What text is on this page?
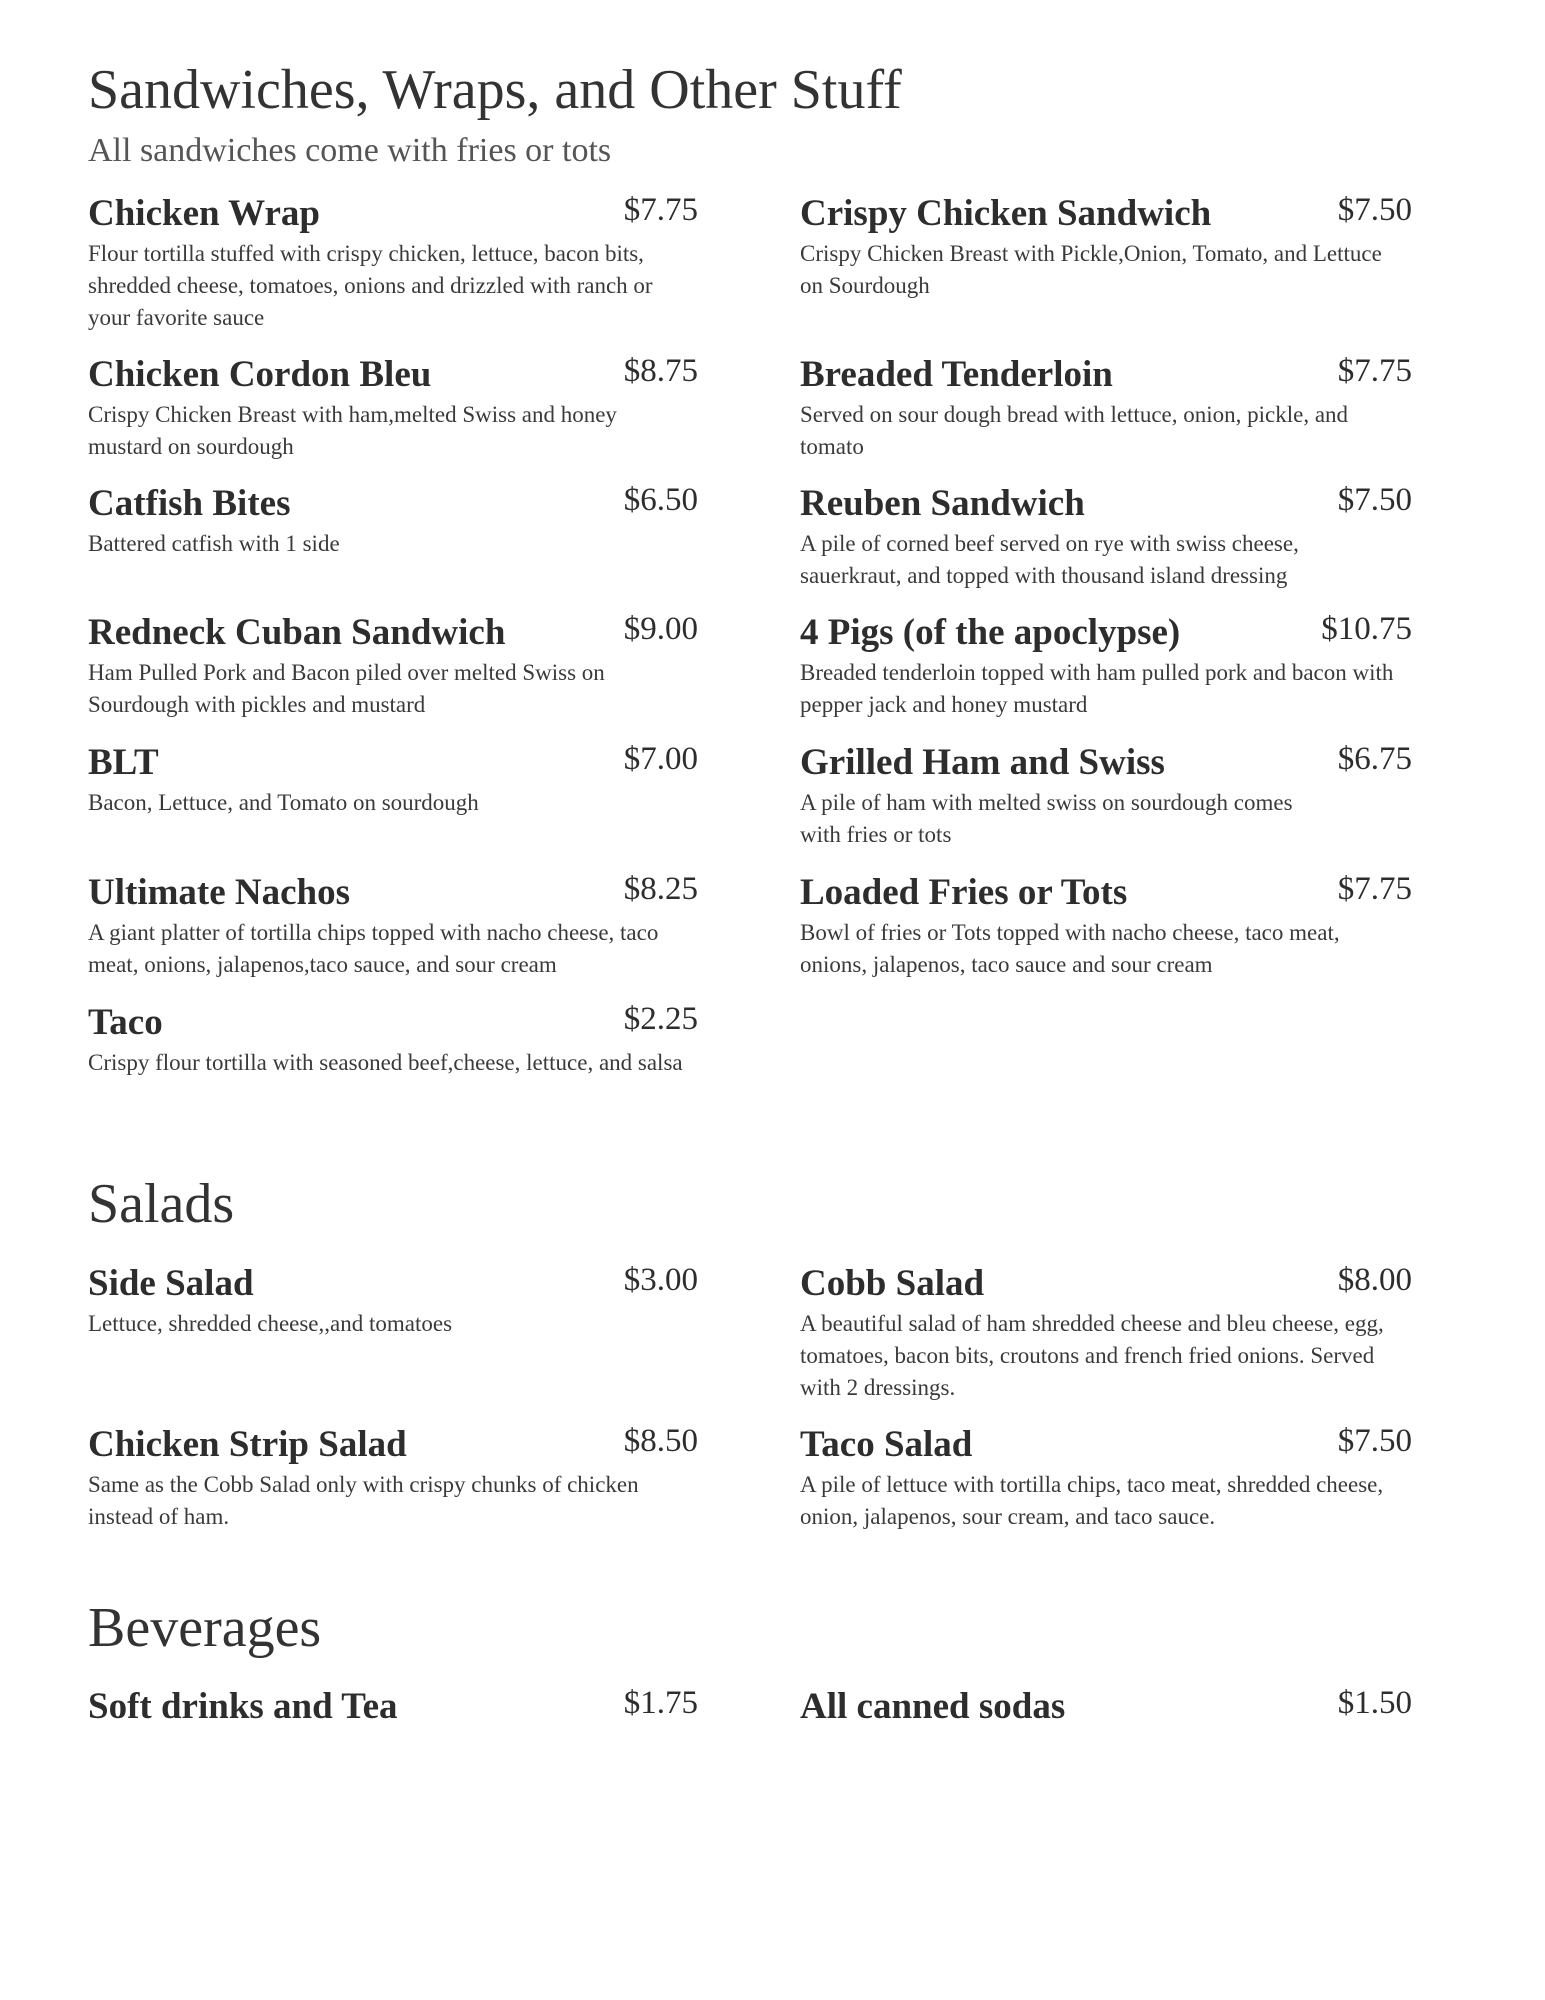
Sandwiches, Wraps, and Other Stuff

All sandwiches come with fries or tots

Chicken Wrap	$7.75
Flour tortilla stuffed with crispy chicken, lettuce, bacon bits, shredded cheese, tomatoes, onions and drizzled with ranch or your favorite sauce
Crispy Chicken Sandwich	$7.50
Crispy Chicken Breast with Pickle,Onion, Tomato, and Lettuce on Sourdough
Chicken Cordon Bleu	$8.75
Crispy Chicken Breast with ham,melted Swiss and honey mustard on sourdough
Breaded Tenderloin	$7.75
Served on sour dough bread with lettuce, onion, pickle, and tomato
Catfish Bites	$6.50
Battered catfish with 1 side
Reuben Sandwich	$7.50
A pile of corned beef served on rye with swiss cheese, sauerkraut, and topped with thousand island dressing
Redneck Cuban Sandwich	$9.00
Ham Pulled Pork and Bacon piled over melted Swiss on Sourdough with pickles and mustard
4 Pigs (of the apoclypse)	$10.75
Breaded tenderloin topped with ham pulled pork and bacon with pepper jack and honey mustard
BLT	$7.00
Bacon, Lettuce, and Tomato on sourdough
Grilled Ham and Swiss	$6.75
A pile of ham with melted swiss on sourdough comes with fries or tots
Ultimate Nachos	$8.25
A giant platter of tortilla chips topped with nacho cheese, taco meat, onions, jalapenos,taco sauce, and sour cream
Loaded Fries or Tots	$7.75
Bowl of fries or Tots topped with nacho cheese, taco meat, onions, jalapenos, taco sauce and sour cream
Taco	$2.25
Crispy flour tortilla with seasoned beef,cheese, lettuce, and salsa
Salads
Side Salad	$3.00
Lettuce, shredded cheese,,and tomatoes
Cobb Salad	$8.00
A beautiful salad of ham shredded cheese and bleu cheese, egg, tomatoes, bacon bits, croutons and french fried onions. Served with 2 dressings.
Chicken Strip Salad	$8.50
Same as the Cobb Salad only with crispy chunks of chicken instead of ham.
Taco Salad	$7.50
A pile of lettuce with tortilla chips, taco meat, shredded cheese, onion, jalapenos, sour cream, and taco sauce.
Beverages
Soft drinks and Tea	$1.75	All canned sodas	$1.50
